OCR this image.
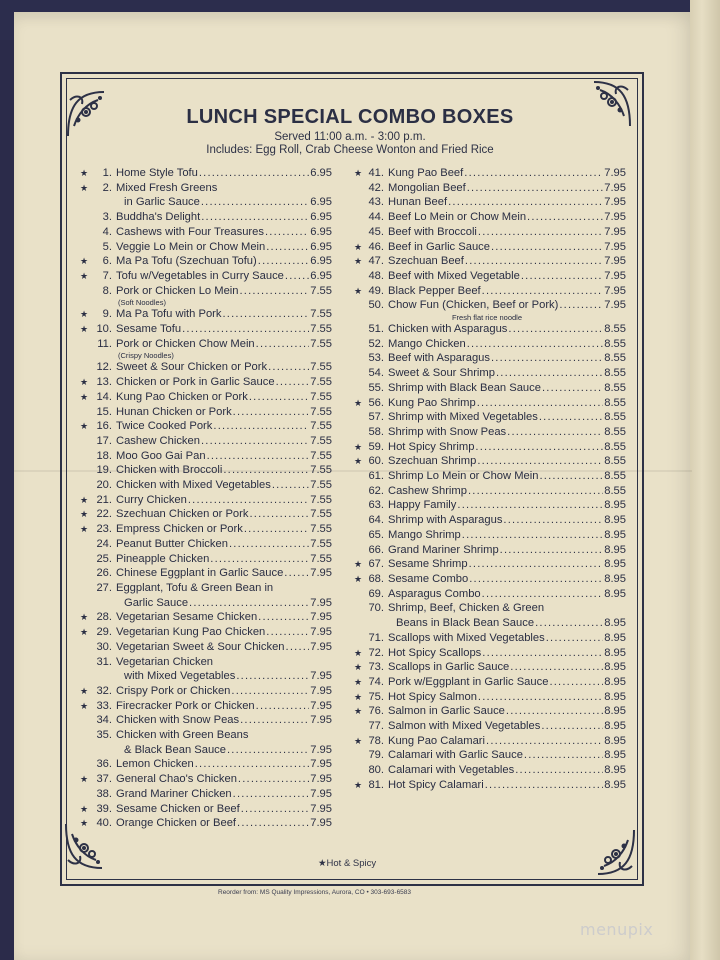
LUNCH SPECIAL COMBO BOXES
Served 11:00 a.m. - 3:00 p.m.
Includes: Egg Roll, Crab Cheese Wonton and Fried Rice
★	1. Home Style Tofu .....	6.95
★	2. Mixed Fresh Greens
in Garlic Sauce .....	6.95
3. Buddha's Delight .....	6.95
4. Cashews with Four Treasures .....	6.95
5. Veggie Lo Mein or Chow Mein .....	6.95
★	6. Ma Pa Tofu (Szechuan Tofu) .....	6.95
★	7. Tofu w/Vegetables in Curry Sauce ..... 6.95
8. Pork or Chicken Lo Mein .....	7.55
(Soft Noodles)
★	9. Ma Pa Tofu with Pork .....	7.55
★ 10. Sesame Tofu .....	7.55
11. Pork or Chicken Chow Mein .....	7.55
(Crispy Noodles)
12. Sweet & Sour Chicken or Pork .....	7.55
★ 13. Chicken or Pork in Garlic Sauce .....	7.55
★ 14. Kung Pao Chicken or Pork .....	7.55
15. Hunan Chicken or Pork .....	7.55
★ 16. Twice Cooked Pork .....	7.55
17. Cashew Chicken .....	7.55
18. Moo Goo Gai Pan .....	7.55
19. Chicken with Broccoli .....	7.55
20. Chicken with Mixed Vegetables .....	7.55
★ 21. Curry Chicken .....	7.55
★ 22. Szechuan Chicken or Pork .....	7.55
★ 23. Empress Chicken or Pork .....	7.55
24. Peanut Butter Chicken .....	7.55
25. Pineapple Chicken .....	7.55
26. Chinese Eggplant in Garlic Sauce ..... 7.95
27. Eggplant, Tofu & Green Bean in
Garlic Sauce .....	7.95
★ 28. Vegetarian Sesame Chicken .....	7.95
★ 29. Vegetarian Kung Pao Chicken .....	7.95
30. Vegetarian Sweet & Sour Chicken ..... 7.95
31. Vegetarian Chicken
with Mixed Vegetables .....	7.95
★ 32. Crispy Pork or Chicken .....	7.95
★ 33. Firecracker Pork or Chicken .....	7.95
34. Chicken with Snow Peas .....	7.95
35. Chicken with Green Beans
& Black Bean Sauce .....	7.95
36. Lemon Chicken .....	7.95
★ 37. General Chao's Chicken .....	7.95
38. Grand Mariner Chicken .....	7.95
★ 39. Sesame Chicken or Beef .....	7.95
★ 40. Orange Chicken or Beef .....	7.95
★ 41. Kung Pao Beef .....	7.95
42. Mongolian Beef .....	7.95
43. Hunan Beef .....	7.95
44. Beef Lo Mein or Chow Mein .....	7.95
45. Beef with Broccoli .....	7.95
★ 46. Beef in Garlic Sauce .....	7.95
★ 47. Szechuan Beef .....	7.95
48. Beef with Mixed Vegetable .....	7.95
★ 49. Black Pepper Beef .....	7.95
50. Chow Fun (Chicken, Beef or Pork) .....	7.95
Fresh flat rice noodle
51. Chicken with Asparagus .....	8.55
52. Mango Chicken .....	8.55
53. Beef with Asparagus .....	8.55
54. Sweet & Sour Shrimp .....	8.55
55. Shrimp with Black Bean Sauce .....	8.55
★ 56. Kung Pao Shrimp .....	8.55
57. Shrimp with Mixed Vegetables .....	8.55
58. Shrimp with Snow Peas .....	8.55
★ 59. Hot Spicy Shrimp .....	8.55
★ 60. Szechuan Shrimp .....	8.55
61. Shrimp Lo Mein or Chow Mein .....	8.55
62. Cashew Shrimp .....	8.55
63. Happy Family .....	8.95
64. Shrimp with Asparagus .....	8.95
65. Mango Shrimp .....	8.95
66. Grand Mariner Shrimp .....	8.95
★ 67. Sesame Shrimp .....	8.95
★ 68. Sesame Combo .....	8.95
69. Asparagus Combo .....	8.95
70. Shrimp, Beef, Chicken & Green
Beans in Black Bean Sauce .....	8.95
71. Scallops with Mixed Vegetables .....	8.95
★ 72. Hot Spicy Scallops .....	8.95
★ 73. Scallops in Garlic Sauce .....	8.95
★ 74. Pork w/Eggplant in Garlic Sauce .....	8.95
★ 75. Hot Spicy Salmon .....	8.95
★ 76. Salmon in Garlic Sauce .....	8.95
77. Salmon with Mixed Vegetables .....	8.95
★ 78. Kung Pao Calamari .....	8.95
79. Calamari with Garlic Sauce .....	8.95
80. Calamari with Vegetables .....	8.95
★ 81. Hot Spicy Calamari .....	8.95
★Hot & Spicy
Reorder from: MS Quality Impressions, Aurora, CO • 303-693-6583
menupix
